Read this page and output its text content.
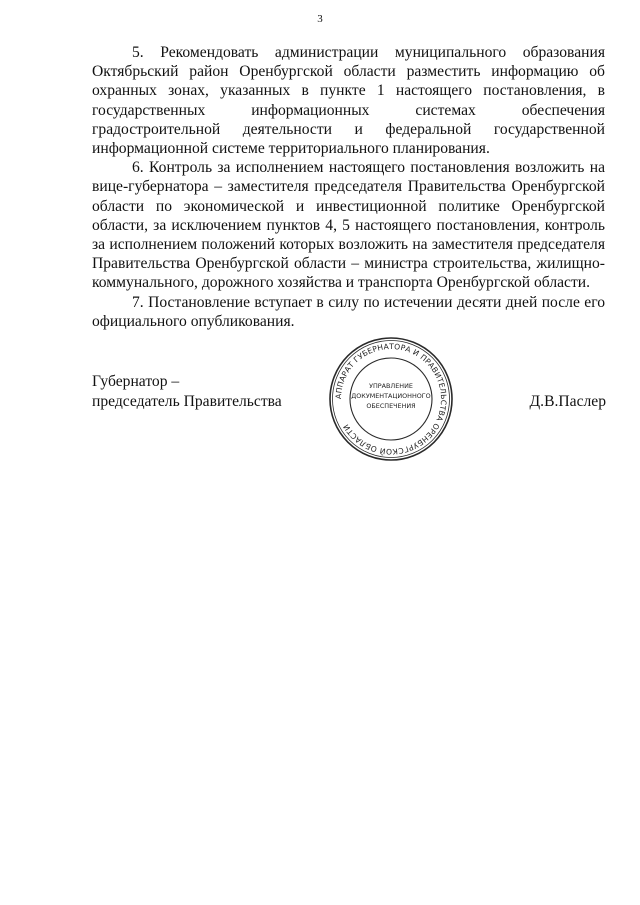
3

5. Рекомендовать администрации муниципального образования Октябрьский район Оренбургской области разместить информацию об охранных зонах, указанных в пункте 1 настоящего постановления, в государственных информационных системах обеспечения градостроительной деятельности и федеральной государственной информационной системе территориального планирования.

6. Контроль за исполнением настоящего постановления возложить на вице-губернатора – заместителя председателя Правительства Оренбургской области по экономической и инвестиционной политике Оренбургской области, за исключением пунктов 4, 5 настоящего постановления, контроль за исполнением положений которых возложить на заместителя председателя Правительства Оренбургской области – министра строительства, жилищно-коммунального, дорожного хозяйства и транспорта Оренбургской области.

7. Постановление вступает в силу по истечении десяти дней после его официального опубликования.

Губернатор –
председатель Правительства	Д.В.Паслер
АППАРАТ ГУБЕРНАТОРА И ПРАВИТЕЛЬСТВА ОРЕНБУРГСКОЙ ОБЛАСТИ
УПРАВЛЕНИЕ
ДОКУМЕНТАЦИОННОГО
ОБЕСПЕЧЕНИЯ
